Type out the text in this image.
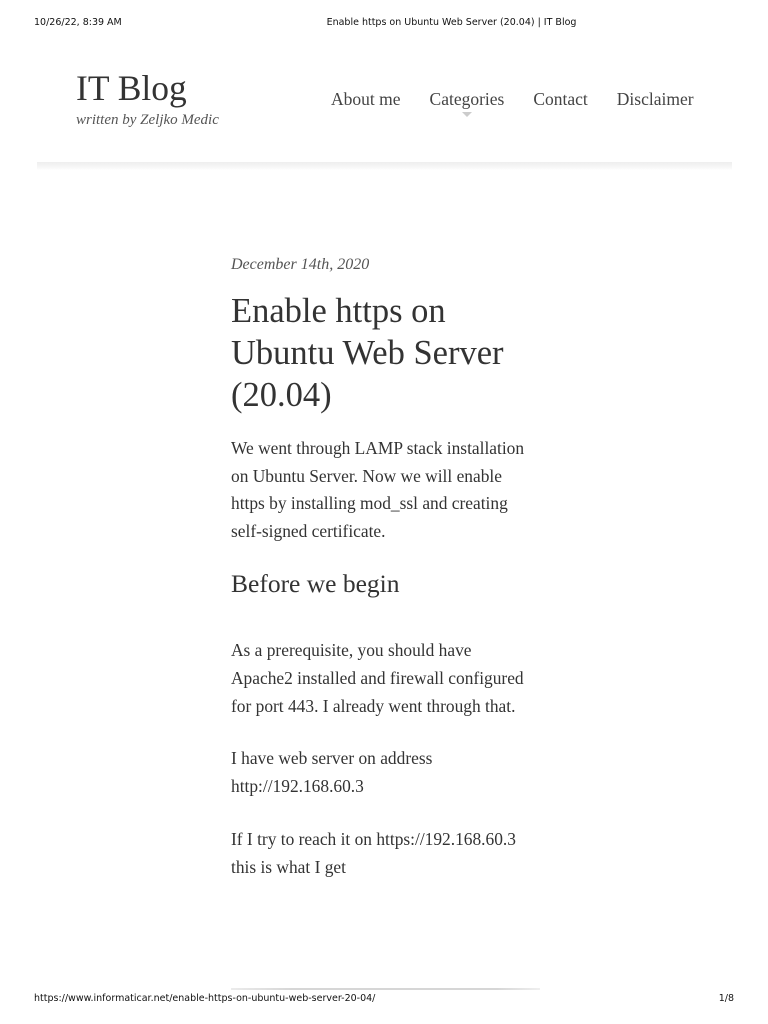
10/26/22, 8:39 AM	Enable https on Ubuntu Web Server (20.04) | IT Blog
IT Blog
written by Zeljko Medic
About me Categories Contact Disclaimer
December 14th, 2020
Enable https on
Ubuntu Web Server
(20.04)

We went through LAMP stack installation
on Ubuntu Server. Now we will enable
https by installing mod_ssl and creating
self-signed certificate.

Before we begin

As a prerequisite, you should have
Apache2 installed and firewall configured
for port 443. I already went through that.

I have web server on address
http://192.168.60.3

If I try to reach it on https://192.168.60.3
this is what I get

https://www.informaticar.net/enable-https-on-ubuntu-web-server-20-04/	1/8
